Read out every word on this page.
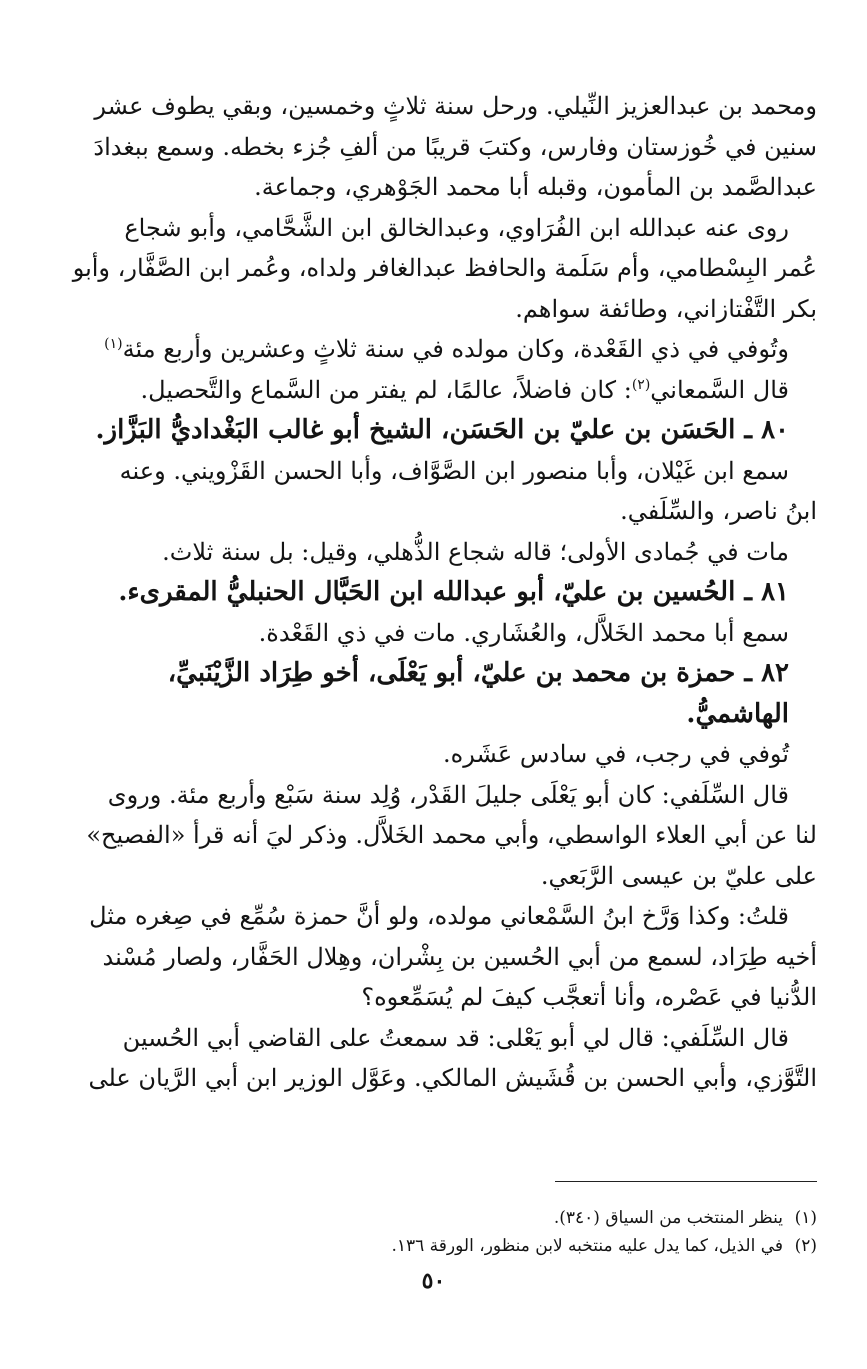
ومحمد بن عبدالعزيز النِّيلي. ورحل سنة ثلاثٍ وخمسين، وبقي يطوف عشر
سنين في خُوزستان وفارس، وكتبَ قريبًا من ألفِ جُزء بخطه. وسمع ببغدادَ
عبدالصَّمد بن المأمون، وقبله أبا محمد الجَوْهري، وجماعة.

روى عنه عبدالله ابن الفُرَاوي، وعبدالخالق ابن الشَّحَّامي، وأبو شجاع
عُمر البِسْطامي، وأم سَلَمة والحافظ عبدالغافر ولداه، وعُمر ابن الصَّفَّار، وأبو
بكر التَّفْتازاني، وطائفة سواهم.

وتُوفي في ذي القَعْدة، وكان مولده في سنة ثلاثٍ وعشرين وأربع مئة$^{(١)}$

قال السَّمعاني$^{(٢)}$: كان فاضلاً، عالمًا، لم يفتر من السَّماع والتَّحصيل.

٨٠ ـ الحَسَن بن عليّ بن الحَسَن، الشيخ أبو غالب البَغْداديُّ البَزَّاز.

سمع ابن غَيْلان، وأبا منصور ابن الصَّوَّاف، وأبا الحسن القَزْويني. وعنه
ابنُ ناصر، والسِّلَفي.

مات في جُمادى الأولى؛ قاله شجاع الذُّهلي، وقيل: بل سنة ثلاث.

٨١ ـ الحُسين بن عليّ، أبو عبدالله ابن الحَبَّال الحنبليُّ المقرىء.

سمع أبا محمد الخَلاَّل، والعُشَاري. مات في ذي القَعْدة.

٨٢ ـ حمزة بن محمد بن عليّ، أبو يَعْلَى، أخو طِرَاد الزَّيْنَبيِّ،
الهاشميُّ.

تُوفي في رجب، في سادس عَشَره.

قال السِّلَفي: كان أبو يَعْلَى جليلَ القَدْر، وُلِد سنة سَبْع وأربع مئة. وروى
لنا عن أبي العلاء الواسطي، وأبي محمد الخَلاَّل. وذكر ليَ أنه قرأ «الفصيح»
على عليّ بن عيسى الرَّبَعي.

قلتُ: وكذا وَرَّخ ابنُ السَّمْعاني مولده، ولو أنَّ حمزة سُمِّع في صِغره مثل
أخيه طِرَاد، لسمع من أبي الحُسين بن بِشْران، وهِلال الحَفَّار، ولصار مُسْند
الدُّنيا في عَصْره، وأنا أتعجَّب كيفَ لم يُسَمِّعوه؟

قال السِّلَفي: قال لي أبو يَعْلى: قد سمعتُ على القاضي أبي الحُسين
التَّوَّزي، وأبي الحسن بن قُشَيش المالكي. وعَوَّل الوزير ابن أبي الرَّيان على

(١)ينظر المنتخب من السياق (٣٤٠).
(٢)في الذيل، كما يدل عليه منتخبه لابن منظور، الورقة ١٣٦.
٥٠
